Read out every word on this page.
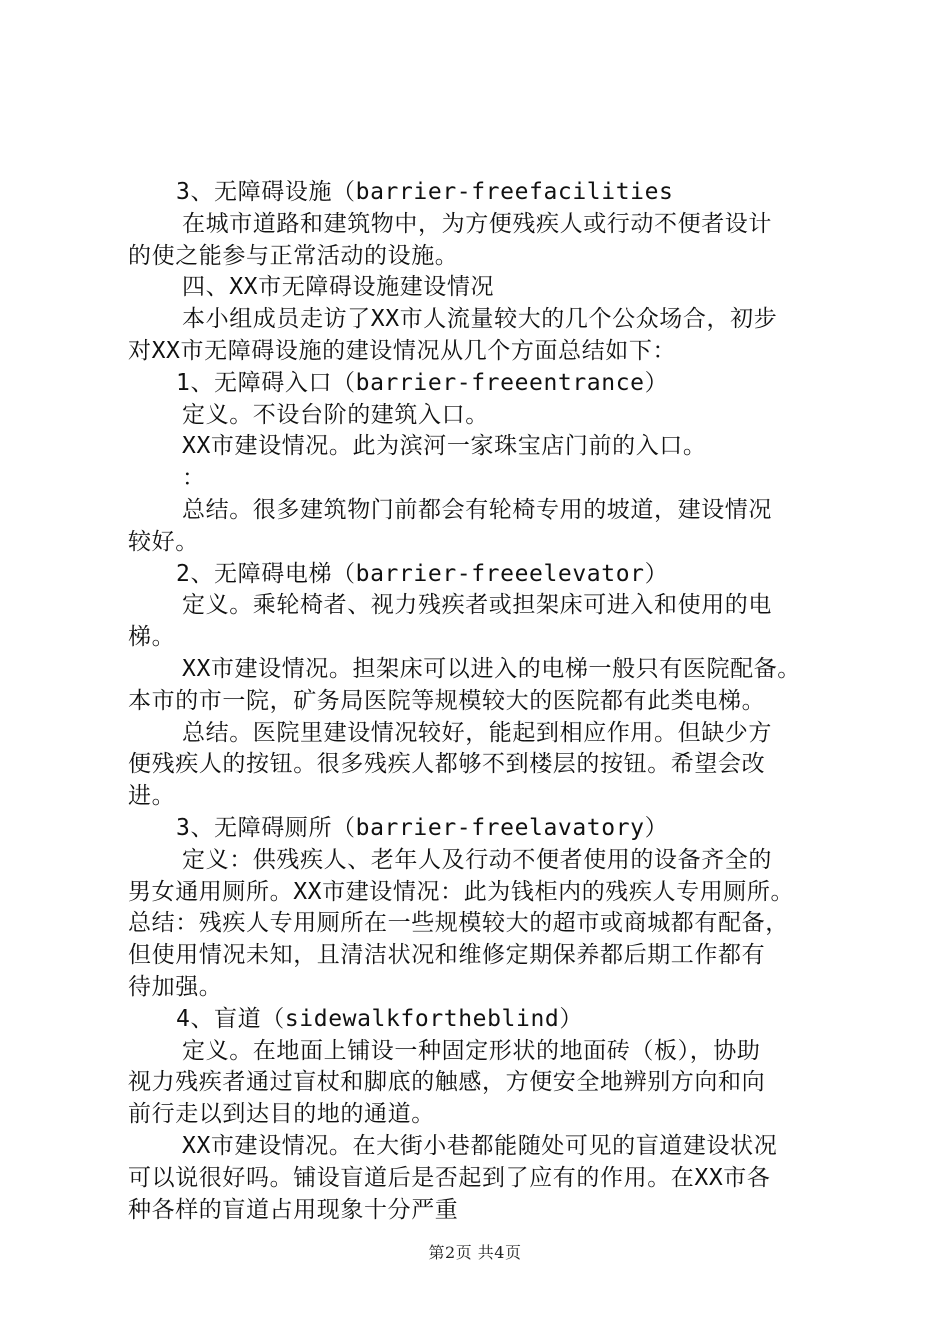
3、无障碍设施（barrier-freefacilities
在城市道路和建筑物中，为方便残疾人或行动不便者设计
的使之能参与正常活动的设施。
四、XX市无障碍设施建设情况
本小组成员走访了XX市人流量较大的几个公众场合，初步
对XX市无障碍设施的建设情况从几个方面总结如下：
1、无障碍入口（barrier-freeentrance）
定义。不设台阶的建筑入口。
XX市建设情况。此为滨河一家珠宝店门前的入口。
：
总结。很多建筑物门前都会有轮椅专用的坡道，建设情况
较好。
2、无障碍电梯（barrier-freeelevator）
定义。乘轮椅者、视力残疾者或担架床可进入和使用的电
梯。
XX市建设情况。担架床可以进入的电梯一般只有医院配备。
本市的市一院，矿务局医院等规模较大的医院都有此类电梯。
总结。医院里建设情况较好，能起到相应作用。但缺少方
便残疾人的按钮。很多残疾人都够不到楼层的按钮。希望会改
进。
3、无障碍厕所（barrier-freelavatory）
定义：供残疾人、老年人及行动不便者使用的设备齐全的
男女通用厕所。XX市建设情况：此为钱柜内的残疾人专用厕所。
总结：残疾人专用厕所在一些规模较大的超市或商城都有配备，
但使用情况未知，且清洁状况和维修定期保养都后期工作都有
待加强。
4、盲道（sidewalkfortheblind）
定义。在地面上铺设一种固定形状的地面砖（板），协助
视力残疾者通过盲杖和脚底的触感，方便安全地辨别方向和向
前行走以到达目的地的通道。
XX市建设情况。在大街小巷都能随处可见的盲道建设状况
可以说很好吗。铺设盲道后是否起到了应有的作用。在XX市各
种各样的盲道占用现象十分严重
第2页 共4页
